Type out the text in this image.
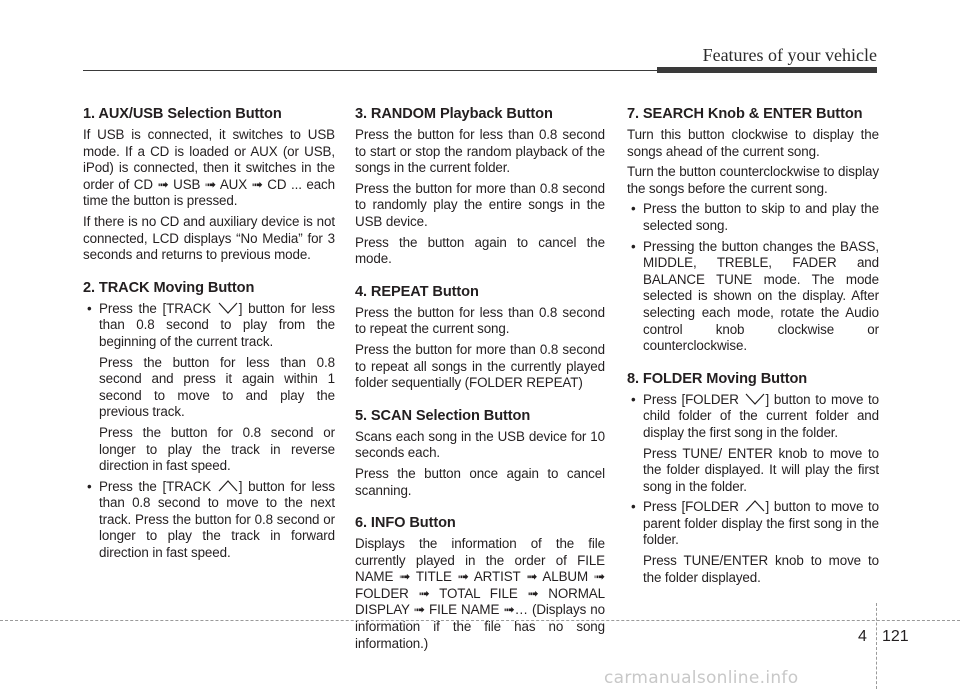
Features of your vehicle
1. AUX/USB Selection Button

If USB is connected, it switches to USB mode. If a CD is loaded or AUX (or USB, iPod) is connected, then it switches in the order of CD ➟ USB ➟ AUX ➟ CD ... each time the button is pressed.

If there is no CD and auxiliary device is not connected, LCD displays “No Media” for 3 seconds and returns to previous mode.

2. TRACK Moving Button

• Press the [TRACK ] button for less than 0.8 second to play from the beginning of the current track.

Press the button for less than 0.8 second and press it again within 1 second to move to and play the previous track.

Press the button for 0.8 second or longer to play the track in reverse direction in fast speed.

• Press the [TRACK ] button for less than 0.8 second to move to the next track. Press the button for 0.8 second or longer to play the track in forward direction in fast speed.

3. RANDOM Playback Button

Press the button for less than 0.8 second to start or stop the random playback of the songs in the current folder.

Press the button for more than 0.8 second to randomly play the entire songs in the USB device.

Press the button again to cancel the mode.

4. REPEAT Button

Press the button for less than 0.8 second to repeat the current song.

Press the button for more than 0.8 second to repeat all songs in the currently played folder sequentially (FOLDER REPEAT)

5. SCAN Selection Button

Scans each song in the USB device for 10 seconds each.

Press the button once again to cancel scanning.

6. INFO Button

Displays the information of the file currently played in the order of FILE NAME ➟ TITLE ➟ ARTIST ➟ ALBUM ➟ FOLDER ➟ TOTAL FILE ➟ NORMAL DISPLAY ➟ FILE NAME ➟… (Displays no information if the file has no song information.)

7. SEARCH Knob & ENTER Button

Turn this button clockwise to display the songs ahead of the current song.

Turn the button counterclockwise to display the songs before the current song.

• Press the button to skip to and play the selected song.
• Pressing the button changes the BASS, MIDDLE, TREBLE, FADER and BALANCE TUNE mode. The mode selected is shown on the display. After selecting each mode, rotate the Audio control knob clockwise or counterclockwise.
8. FOLDER Moving Button

• Press [FOLDER ] button to move to child folder of the current folder and display the first song in the folder.

Press TUNE/ ENTER knob to move to the folder displayed. It will play the first song in the folder.

• Press [FOLDER ] button to move to parent folder display the first song in the folder.

Press TUNE/ENTER knob to move to the folder displayed.

4 121
carmanualsonline.info
